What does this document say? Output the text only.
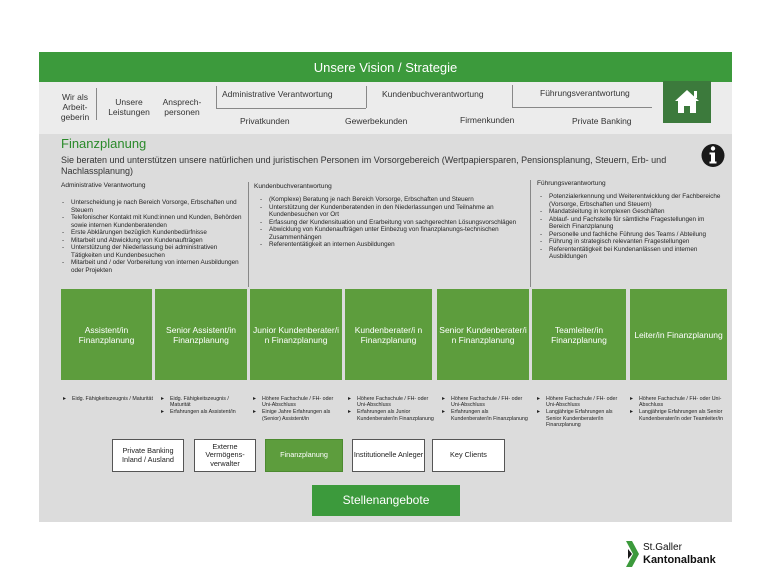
Unsere Vision / Strategie
Wir als Arbeit-geberin
Unsere Leistungen
Ansprech-personen
Administrative Verantwortung	Kundenbuchverantwortung	Führungsverantwortung
Privatkunden	Gewerbekunden	Firmenkunden	Private Banking
Finanzplanung
Sie beraten und unterstützen unsere natürlichen und juristischen Personen im Vorsorgebereich (Wertpapiersparen, Pensionsplanung, Steuern, Erb- und Nachlassplanung)
Administrative Verantwortung
- Unterscheidung je nach Bereich Vorsorge, Erbschaften und Steuern
- Telefonischer Kontakt mit Kund:innen und Kunden, Behörden sowie internen Kundenberatenden
- Erste Abklärungen bezüglich Kundenbedürfnisse
- Mitarbeit und Abwicklung von Kundenaufträgen
- Unterstützung der Niederlassung bei administrativen Tätigkeiten und Kundenbesuchen
- Mitarbeit und / oder Vorbereitung von internen Ausbildungen oder Projekten
Kundenbuchverantwortung
- (Komplexe) Beratung je nach Bereich Vorsorge, Erbschaften und Steuern
- Unterstützung der Kundenberatenden in den Niederlassungen und Teilnahme an Kundenbesuchen vor Ort
- Erfassung der Kundensituation und Erarbeitung von sachgerechten Lösungsvorschlägen
- Abwicklung von Kundenaufträgen unter Einbezug von finanzplanungs-technischen Zusammenhängen
- Referententätigkeit an internen Ausbildungen
Führungsverantwortung
- Potenzialerkennung und Weiterentwicklung der Fachbereiche (Vorsorge, Erbschaften und Steuern)
- Mandatsleitung in komplexen Geschäften
- Ablauf- und Fachstelle für sämtliche Fragestellungen im Bereich Finanzplanung
- Personelle und fachliche Führung des Teams / Abteilung
- Führung in strategisch relevanten Fragestellungen
- Referententätigkeit bei Kundenanlässen und internen Ausbildungen
Assistent/in Finanzplanung
Senior Assistent/in Finanzplanung
Junior Kundenberater/i n Finanzplanung
Kundenberater/i n Finanzplanung
Senior Kundenberater/i n Finanzplanung
Teamleiter/in Finanzplanung	Leiter/in Finanzplanung
▸ Eidg. Fähigkeitszeugnis / Maturität
▸	Eidg. Fähigkeitszeugnis / Maturität
▸ Erfahrungen als Assistent/in
▸ Höhere Fachschule / FH- oder Uni-Abschluss
▸ Einige Jahre Erfahrungen als (Senior) Assistent/in
▸ Höhere Fachschule / FH- oder Uni-Abschluss
▸ Erfahrungen als Junior Kundenberater/in Finanzplanung
▸ Höhere Fachschule / FH- oder Uni-Abschluss
▸ Erfahrungen als Kundenberater/in Finanzplanung
▸ Höhere Fachschule / FH- oder Uni-Abschluss
▸ Langjährige Erfahrungen als Senior Kundenberater/in Finanzplanung
▸ Höhere Fachschule / FH- oder Uni-Abschluss
▸ Langjährige Erfahrungen als Senior Kundenberater/in oder Teamleiter/in
Private Banking Inland / Ausland
Externe Vermögens-verwalter
Finanzplanung	Institutionelle Anleger	Key Clients
Stellenangebote
St.Galler
Kantonalbank
